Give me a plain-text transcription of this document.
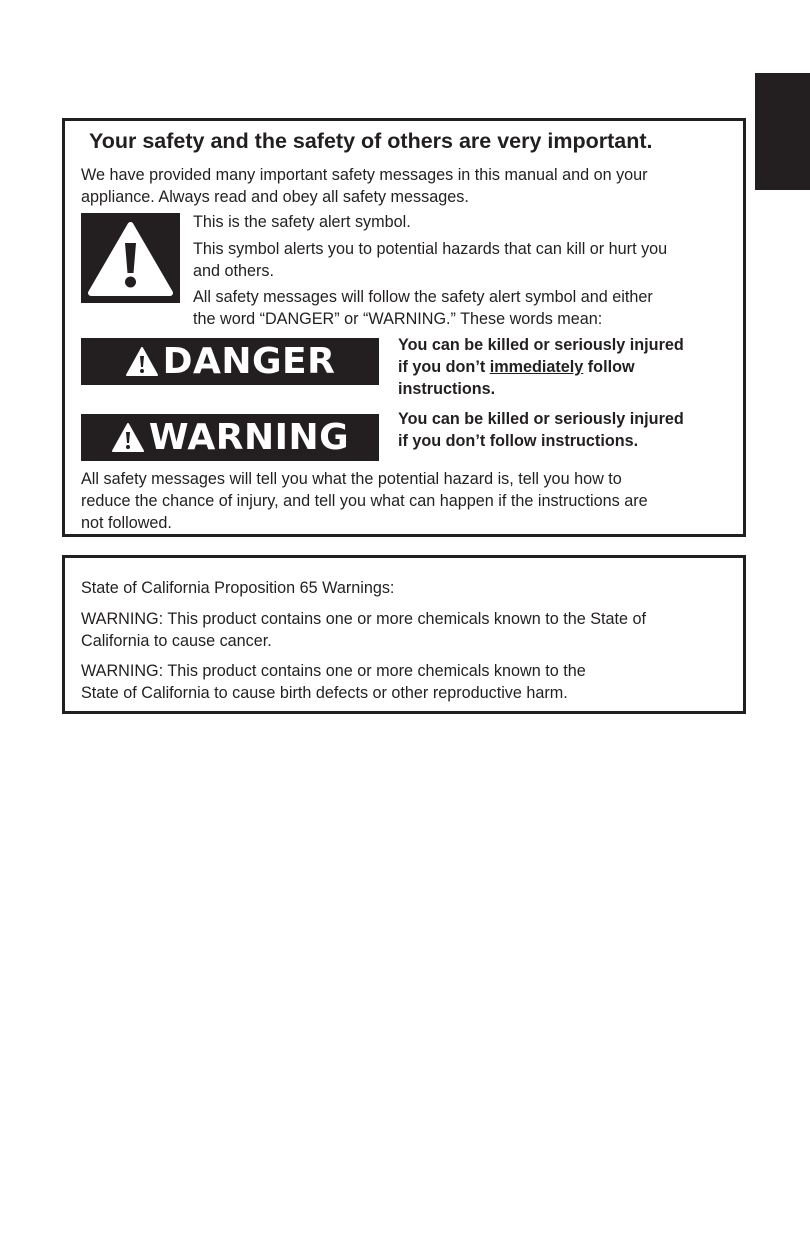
Your safety and the safety of others are very important.

We have provided many important safety messages in this manual and on your

appliance. Always read and obey all safety messages.

This is the safety alert symbol.

This symbol alerts you to potential hazards that can kill or hurt you

and others.

All safety messages will follow the safety alert symbol and either

the word “DANGER” or “WARNING.” These words mean:

DANGER	You can be killed or seriously injured

if you don’t immediately follow

instructions.

WARNING	You can be killed or seriously injured

if you don’t follow instructions.

All safety messages will tell you what the potential hazard is, tell you how to

reduce the chance of injury, and tell you what can happen if the instructions are

not followed.

State of California Proposition 65 Warnings:

WARNING: This product contains one or more chemicals known to the State of

California to cause cancer.

WARNING: This product contains one or more chemicals known to the

State of California to cause birth defects or other reproductive harm.
